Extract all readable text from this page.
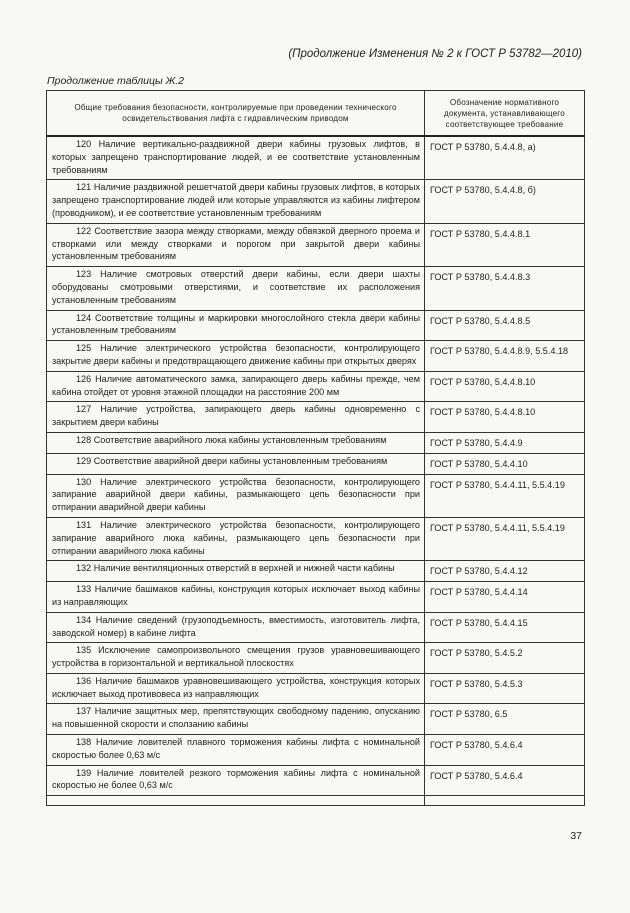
(Продолжение Изменения № 2 к ГОСТ Р 53782—2010)
Продолжение таблицы Ж.2
Общие требования безопасности, контролируемые при проведении технического освидетельствования лифта с гидравлическим приводом	Обозначение нормативного документа, устанавливающего соответствующее требование
120 Наличие вертикально-раздвижной двери кабины грузовых лифтов, в которых запрещено транспортирование людей, и ее соответствие установленным требованиям	ГОСТ Р 53780, 5.4.4.8, а)
121 Наличие раздвижной решетчатой двери кабины грузовых лифтов, в которых запрещено транспортирование людей или которые управляются из кабины лифтером (проводником), и ее соответствие установленным требованиям	ГОСТ Р 53780, 5.4.4.8, б)
122 Соответствие зазора между створками, между обвязкой дверного проема и створками или между створками и порогом при закрытой двери кабины установленным требованиям	ГОСТ Р 53780, 5.4.4.8.1
123 Наличие смотровых отверстий двери кабины, если двери шахты оборудованы смотровыми отверстиями, и соответствие их расположения установленным требованиям	ГОСТ Р 53780, 5.4.4.8.3
124 Соответствие толщины и маркировки многослойного стекла двери кабины установленным требованиям	ГОСТ Р 53780, 5.4.4.8.5
125 Наличие электрического устройства безопасности, контролирующего закрытие двери кабины и предотвращающего движение кабины при открытых дверях	ГОСТ Р 53780, 5.4.4.8.9, 5.5.4.18
126 Наличие автоматического замка, запирающего дверь кабины прежде, чем кабина отойдет от уровня этажной площадки на расстояние 200 мм	ГОСТ Р 53780, 5.4.4.8.10
127 Наличие устройства, запирающего дверь кабины одновременно с закрытием двери кабины	ГОСТ Р 53780, 5.4.4.8.10
128 Соответствие аварийного люка кабины установленным требованиям	ГОСТ Р 53780, 5.4.4.9
129 Соответствие аварийной двери кабины установленным требованиям	ГОСТ Р 53780, 5.4.4.10
130 Наличие электрического устройства безопасности, контролирующего запирание аварийной двери кабины, размыкающего цепь безопасности при отпирании аварийной двери кабины	ГОСТ Р 53780, 5.4.4.11, 5.5.4.19
131 Наличие электрического устройства безопасности, контролирующего запирание аварийного люка кабины, размыкающего цепь безопасности при отпирании аварийного люка кабины	ГОСТ Р 53780, 5.4.4.11, 5.5.4.19
132 Наличие вентиляционных отверстий в верхней и нижней части кабины	ГОСТ Р 53780, 5.4.4.12
133 Наличие башмаков кабины, конструкция которых исключает выход кабины из направляющих	ГОСТ Р 53780, 5.4.4.14
134 Наличие сведений (грузоподъемность, вместимость, изготовитель лифта, заводской номер) в кабине лифта	ГОСТ Р 53780, 5.4.4.15
135 Исключение самопроизвольного смещения грузов уравновешивающего устройства в горизонтальной и вертикальной плоскостях	ГОСТ Р 53780, 5.4.5.2
136 Наличие башмаков уравновешивающего устройства, конструкция которых исключает выход противовеса из направляющих	ГОСТ Р 53780, 5.4.5.3
137 Наличие защитных мер, препятствующих свободному падению, опусканию на повышенной скорости и сползанию кабины	ГОСТ Р 53780, 6.5
138 Наличие ловителей плавного торможения кабины лифта с номинальной скоростью более 0,63 м/с	ГОСТ Р 53780, 5.4.6.4
139 Наличие ловителей резкого торможения кабины лифта с номинальной скоростью не более 0,63 м/с	ГОСТ Р 53780, 5.4.6.4

37
